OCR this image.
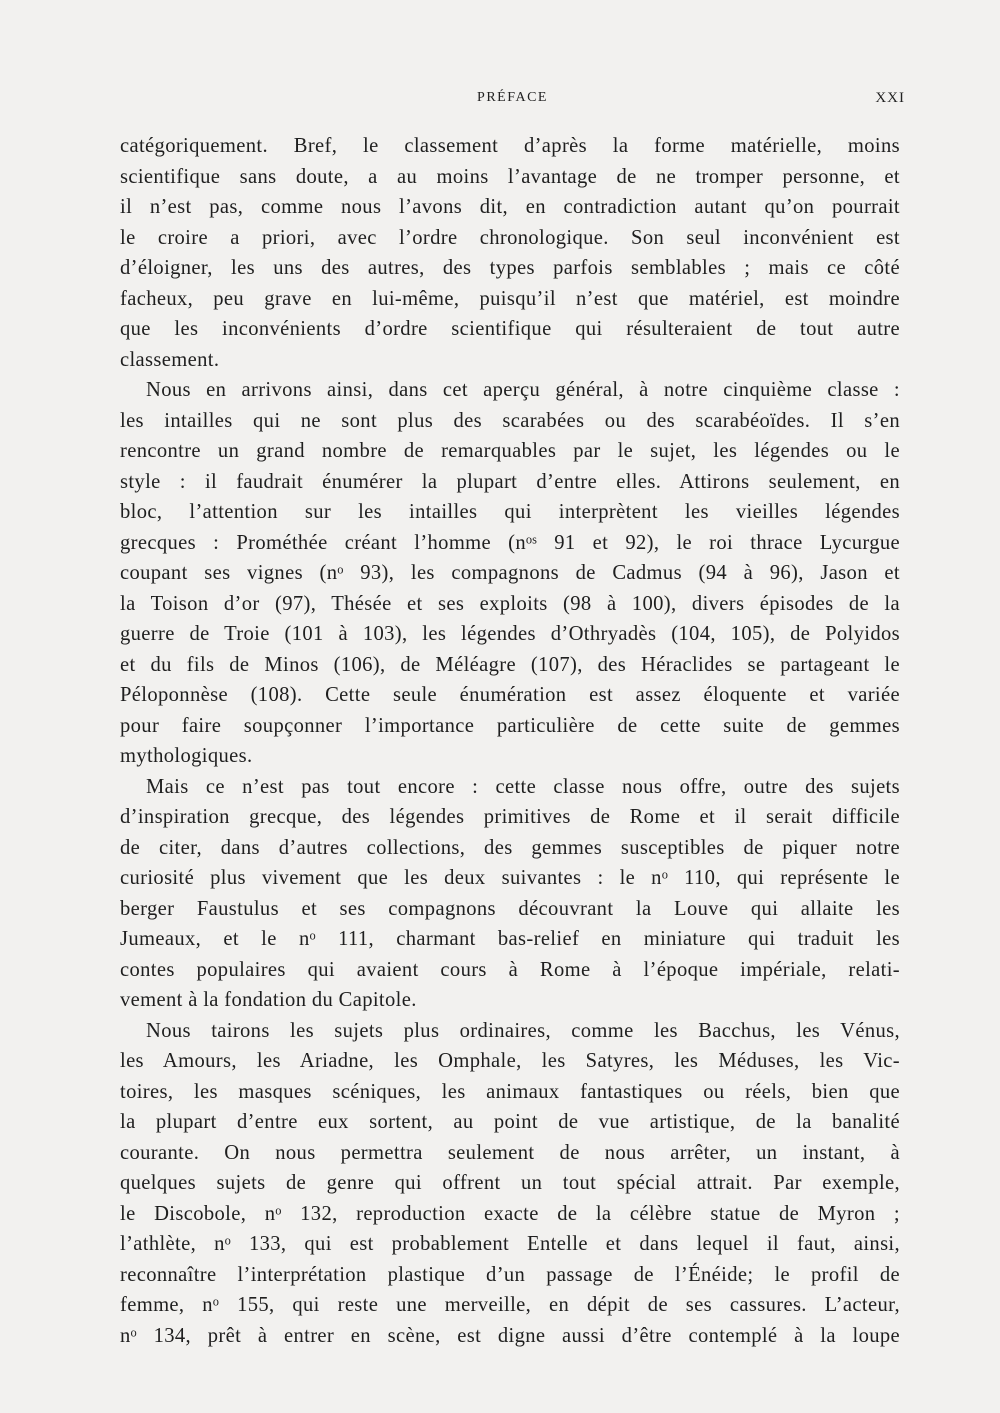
PRÉFACE	XXI
catégoriquement. Bref, le classement d’après la forme matérielle, moins
scientifique sans doute, a au moins l’avantage de ne tromper personne, et
il n’est pas, comme nous l’avons dit, en contradiction autant qu’on pourrait
le croire a priori, avec l’ordre chronologique. Son seul inconvénient est
d’éloigner, les uns des autres, des types parfois semblables ; mais ce côté
facheux, peu grave en lui-même, puisqu’il n’est que matériel, est moindre
que les inconvénients d’ordre scientifique qui résulteraient de tout autre
classement.
Nous en arrivons ainsi, dans cet aperçu général, à notre cinquième classe :
les intailles qui ne sont plus des scarabées ou des scarabéoïdes. Il s’en
rencontre un grand nombre de remarquables par le sujet, les légendes ou le
style : il faudrait énumérer la plupart d’entre elles. Attirons seulement, en
bloc, l’attention sur les intailles qui interprètent les vieilles légendes
grecques : Prométhée créant l’homme (nᵒˢ 91 et 92), le roi thrace Lycurgue
coupant ses vignes (nᵒ 93), les compagnons de Cadmus (94 à 96), Jason et
la Toison d’or (97), Thésée et ses exploits (98 à 100), divers épisodes de la
guerre de Troie (101 à 103), les légendes d’Othryadès (104, 105), de Polyidos
et du fils de Minos (106), de Méléagre (107), des Héraclides se partageant le
Péloponnèse (108). Cette seule énumération est assez éloquente et variée
pour faire soupçonner l’importance particulière de cette suite de gemmes
mythologiques.
Mais ce n’est pas tout encore : cette classe nous offre, outre des sujets
d’inspiration grecque, des légendes primitives de Rome et il serait difficile
de citer, dans d’autres collections, des gemmes susceptibles de piquer notre
curiosité plus vivement que les deux suivantes : le nᵒ 110, qui représente le
berger Faustulus et ses compagnons découvrant la Louve qui allaite les
Jumeaux, et le nᵒ 111, charmant bas-relief en miniature qui traduit les
contes populaires qui avaient cours à Rome à l’époque impériale, relati-
vement à la fondation du Capitole.
Nous tairons les sujets plus ordinaires, comme les Bacchus, les Vénus,
les Amours, les Ariadne, les Omphale, les Satyres, les Méduses, les Vic-
toires, les masques scéniques, les animaux fantastiques ou réels, bien que
la plupart d’entre eux sortent, au point de vue artistique, de la banalité
courante. On nous permettra seulement de nous arrêter, un instant, à
quelques sujets de genre qui offrent un tout spécial attrait. Par exemple,
le Discobole, nᵒ 132, reproduction exacte de la célèbre statue de Myron ;
l’athlète, nᵒ 133, qui est probablement Entelle et dans lequel il faut, ainsi,
reconnaître l’interprétation plastique d’un passage de l’Énéide; le profil de
femme, nᵒ 155, qui reste une merveille, en dépit de ses cassures. L’acteur,
nᵒ 134, prêt à entrer en scène, est digne aussi d’être contemplé à la loupe
